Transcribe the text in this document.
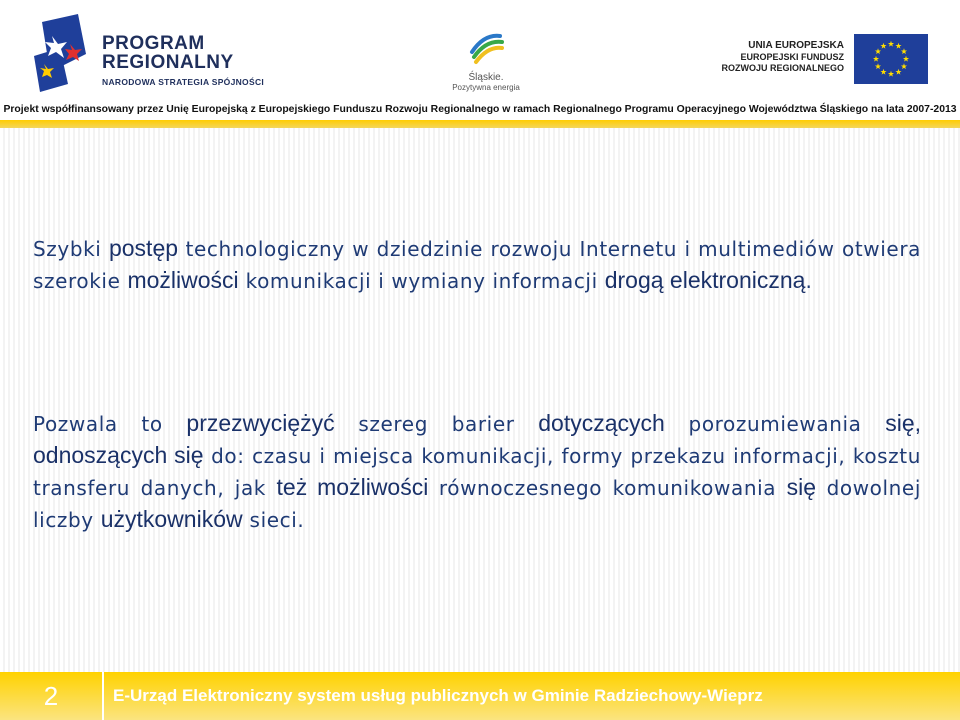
PROGRAM
REGIONALNY
NARODOWA STRATEGIA SPÓJNOŚCI	Śląskie.
Pozytywna energia
UNIA EUROPEJSKA
EUROPEJSKI FUNDUSZ
ROZWOJU REGIONALNEGO
Projekt współfinansowany przez Unię Europejską z Europejskiego Funduszu Rozwoju Regionalnego w ramach Regionalnego Programu Operacyjnego Województwa Śląskiego na lata 2007-2013

Szybki postęp technologiczny w dziedzinie rozwoju Internetu i multimediów otwiera szerokie możliwości komunikacji i wymiany informacji drogą elektroniczną.

Pozwala to przezwyciężyć szereg barier dotyczących porozumiewania się, odnoszących się do: czasu i miejsca komunikacji, formy przekazu informacji, kosztu transferu danych, jak też możliwości równoczesnego komunikowania się dowolnej liczby użytkowników sieci.

2	E-Urząd Elektroniczny system usług publicznych w Gminie Radziechowy-Wieprz
